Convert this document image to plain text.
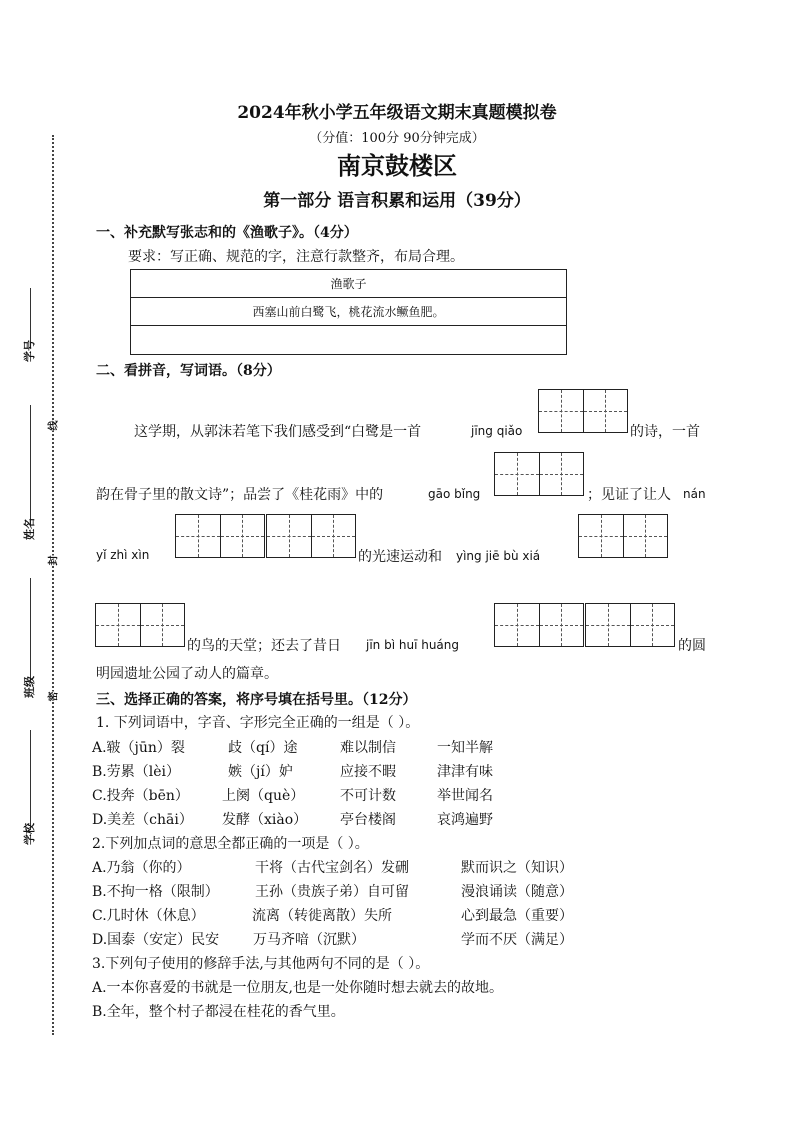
学号
姓名
班级
学校
线
封
密
2024年秋小学五年级语文期末真题模拟卷
（分值：100分 90分钟完成）
南京鼓楼区
第一部分 语言积累和运用（39分）
一、补充默写张志和的《渔歌子》。（4分）
要求：写正确、规范的字，注意行款整齐，布局合理。
渔歌子
西塞山前白鹭飞，桃花流水鳜鱼肥。
二、看拼音，写词语。（8分）
这学期，从郭沫若笔下我们感受到“白鹭是一首	jīng qiǎo	的诗，一首
韵在骨子里的散文诗”；品尝了《桂花雨》中的	gāo bǐng	；见证了让人 nán
yǐ zhì xìn	的光速运动和 yìng jiē bù xiá
的鸟的天堂；还去了昔日 jīn bì huī huáng	的圆
明园遗址公园了动人的篇章。
三、选择正确的答案，将序号填在括号里。（12分）
1. 下列词语中，字音、字形完全正确的一组是（ ）。
A.皲（jūn）裂	歧（qí）途	难以制信	一知半解
B.劳累（lèi）	嫉（jí）妒	应接不暇	津津有味
C.投奔（bēn） 上阕（què）	不可计数	举世闻名
D.美差（chāi） 发酵（xiào） 亭台楼阁	哀鸿遍野
2.下列加点词的意思全都正确的一项是（ ）。
A.乃翁（你的）	干将（古代宝剑名）发硎	默而识之（知识）
B.不拘一格（限制）	王孙（贵族子弟）自可留	漫浪诵读（随意）
C.几时休（休息）	流离（转徙离散）失所	心到最急（重要）
D.国泰（安定）民安 万马齐喑（沉默）	学而不厌（满足）
3.下列句子使用的修辞手法,与其他两句不同的是（ ）。
A.一本你喜爱的书就是一位朋友,也是一处你随时想去就去的故地。
B.全年，整个村子都浸在桂花的香气里。
